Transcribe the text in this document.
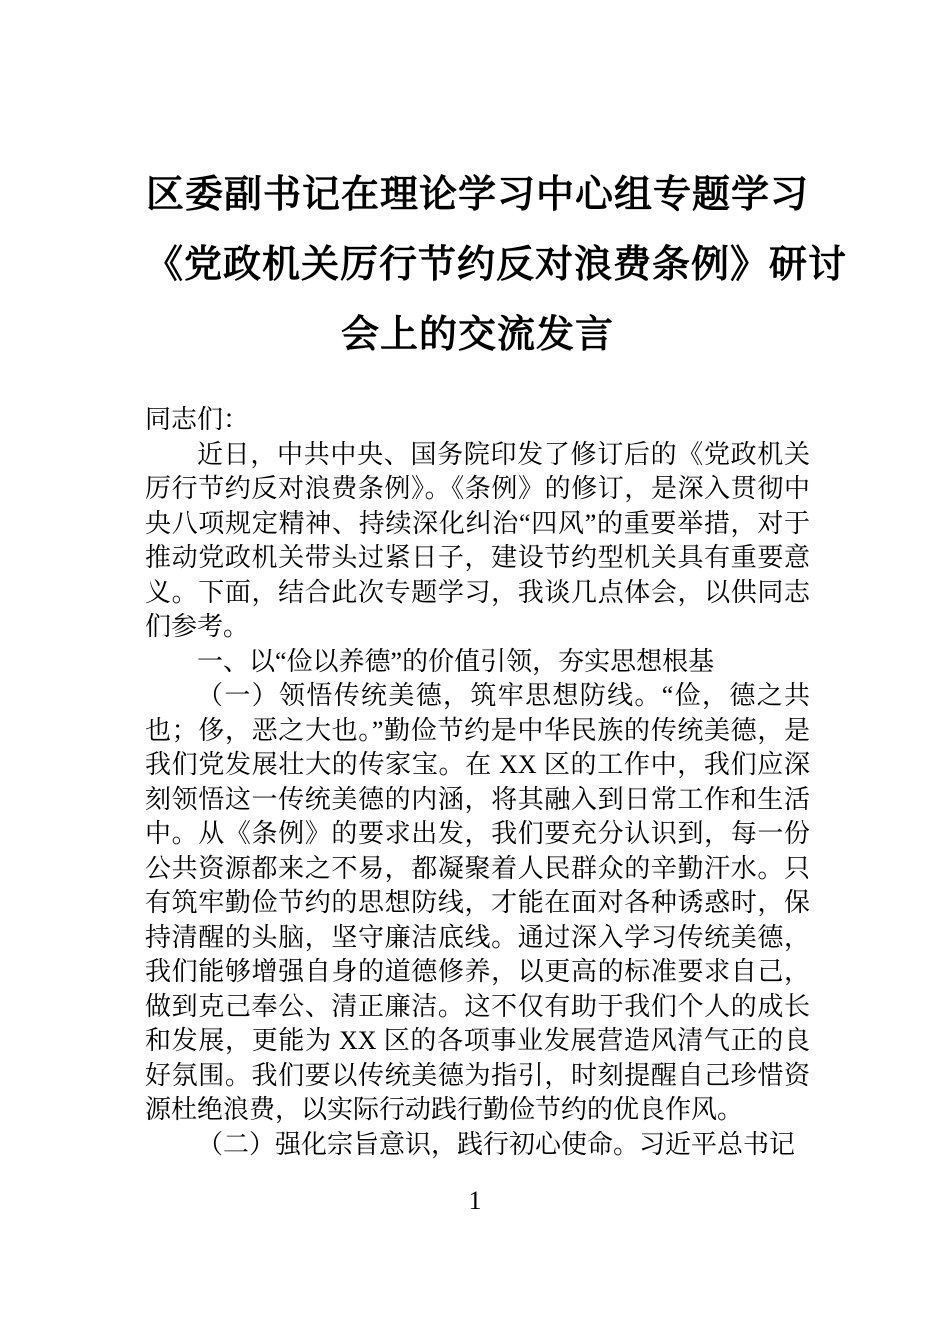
区委副书记在理论学习中心组专题学习
《党政机关厉行节约反对浪费条例》研讨
会上的交流发言

同志们：

近日，中共中央、国务院印发了修订后的《党政机关厉行节约反对浪费条例》。《条例》的修订，是深入贯彻中央八项规定精神、持续深化纠治“四风”的重要举措，对于推动党政机关带头过紧日子，建设节约型机关具有重要意义。下面，结合此次专题学习，我谈几点体会，以供同志们参考。

一、以“俭以养德”的价值引领，夯实思想根基

（一）领悟传统美德，筑牢思想防线。“俭，德之共也；侈，恶之大也。”勤俭节约是中华民族的传统美德，是我们党发展壮大的传家宝。在 XX 区的工作中，我们应深刻领悟这一传统美德的内涵，将其融入到日常工作和生活中。从《条例》的要求出发，我们要充分认识到，每一份公共资源都来之不易，都凝聚着人民群众的辛勤汗水。只有筑牢勤俭节约的思想防线，才能在面对各种诱惑时，保持清醒的头脑，坚守廉洁底线。通过深入学习传统美德，我们能够增强自身的道德修养，以更高的标准要求自己，做到克己奉公、清正廉洁。这不仅有助于我们个人的成长和发展，更能为 XX 区的各项事业发展营造风清气正的良好氛围。我们要以传统美德为指引，时刻提醒自己珍惜资源杜绝浪费，以实际行动践行勤俭节约的优良作风。

（二）强化宗旨意识，践行初心使命。习近平总书记

1
